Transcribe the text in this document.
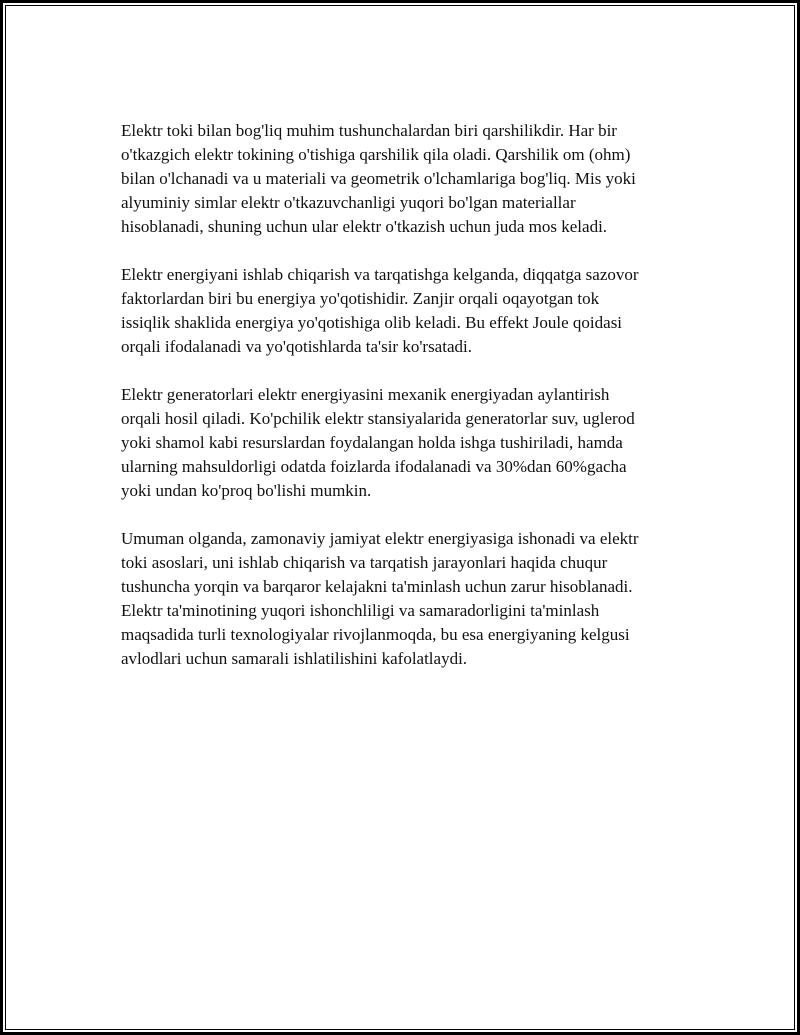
Elektr toki bilan bog'liq muhim tushunchalardan biri qarshilikdir. Har bir
o'tkazgich elektr tokining o'tishiga qarshilik qila oladi. Qarshilik om (ohm)
bilan o'lchanadi va u materiali va geometrik o'lchamlariga bog'liq. Mis yoki
alyuminiy simlar elektr o'tkazuvchanligi yuqori bo'lgan materiallar
hisoblanadi, shuning uchun ular elektr o'tkazish uchun juda mos keladi.

Elektr energiyani ishlab chiqarish va tarqatishga kelganda, diqqatga sazovor
faktorlardan biri bu energiya yo'qotishidir. Zanjir orqali oqayotgan tok
issiqlik shaklida energiya yo'qotishiga olib keladi. Bu effekt Joule qoidasi
orqali ifodalanadi va yo'qotishlarda ta'sir ko'rsatadi.

Elektr generatorlari elektr energiyasini mexanik energiyadan aylantirish
orqali hosil qiladi. Ko'pchilik elektr stansiyalarida generatorlar suv, uglerod
yoki shamol kabi resurslardan foydalangan holda ishga tushiriladi, hamda
ularning mahsuldorligi odatda foizlarda ifodalanadi va 30%dan 60%gacha
yoki undan ko'proq bo'lishi mumkin.

Umuman olganda, zamonaviy jamiyat elektr energiyasiga ishonadi va elektr
toki asoslari, uni ishlab chiqarish va tarqatish jarayonlari haqida chuqur
tushuncha yorqin va barqaror kelajakni ta'minlash uchun zarur hisoblanadi.
Elektr ta'minotining yuqori ishonchliligi va samaradorligini ta'minlash
maqsadida turli texnologiyalar rivojlanmoqda, bu esa energiyaning kelgusi
avlodlari uchun samarali ishlatilishini kafolatlaydi.
